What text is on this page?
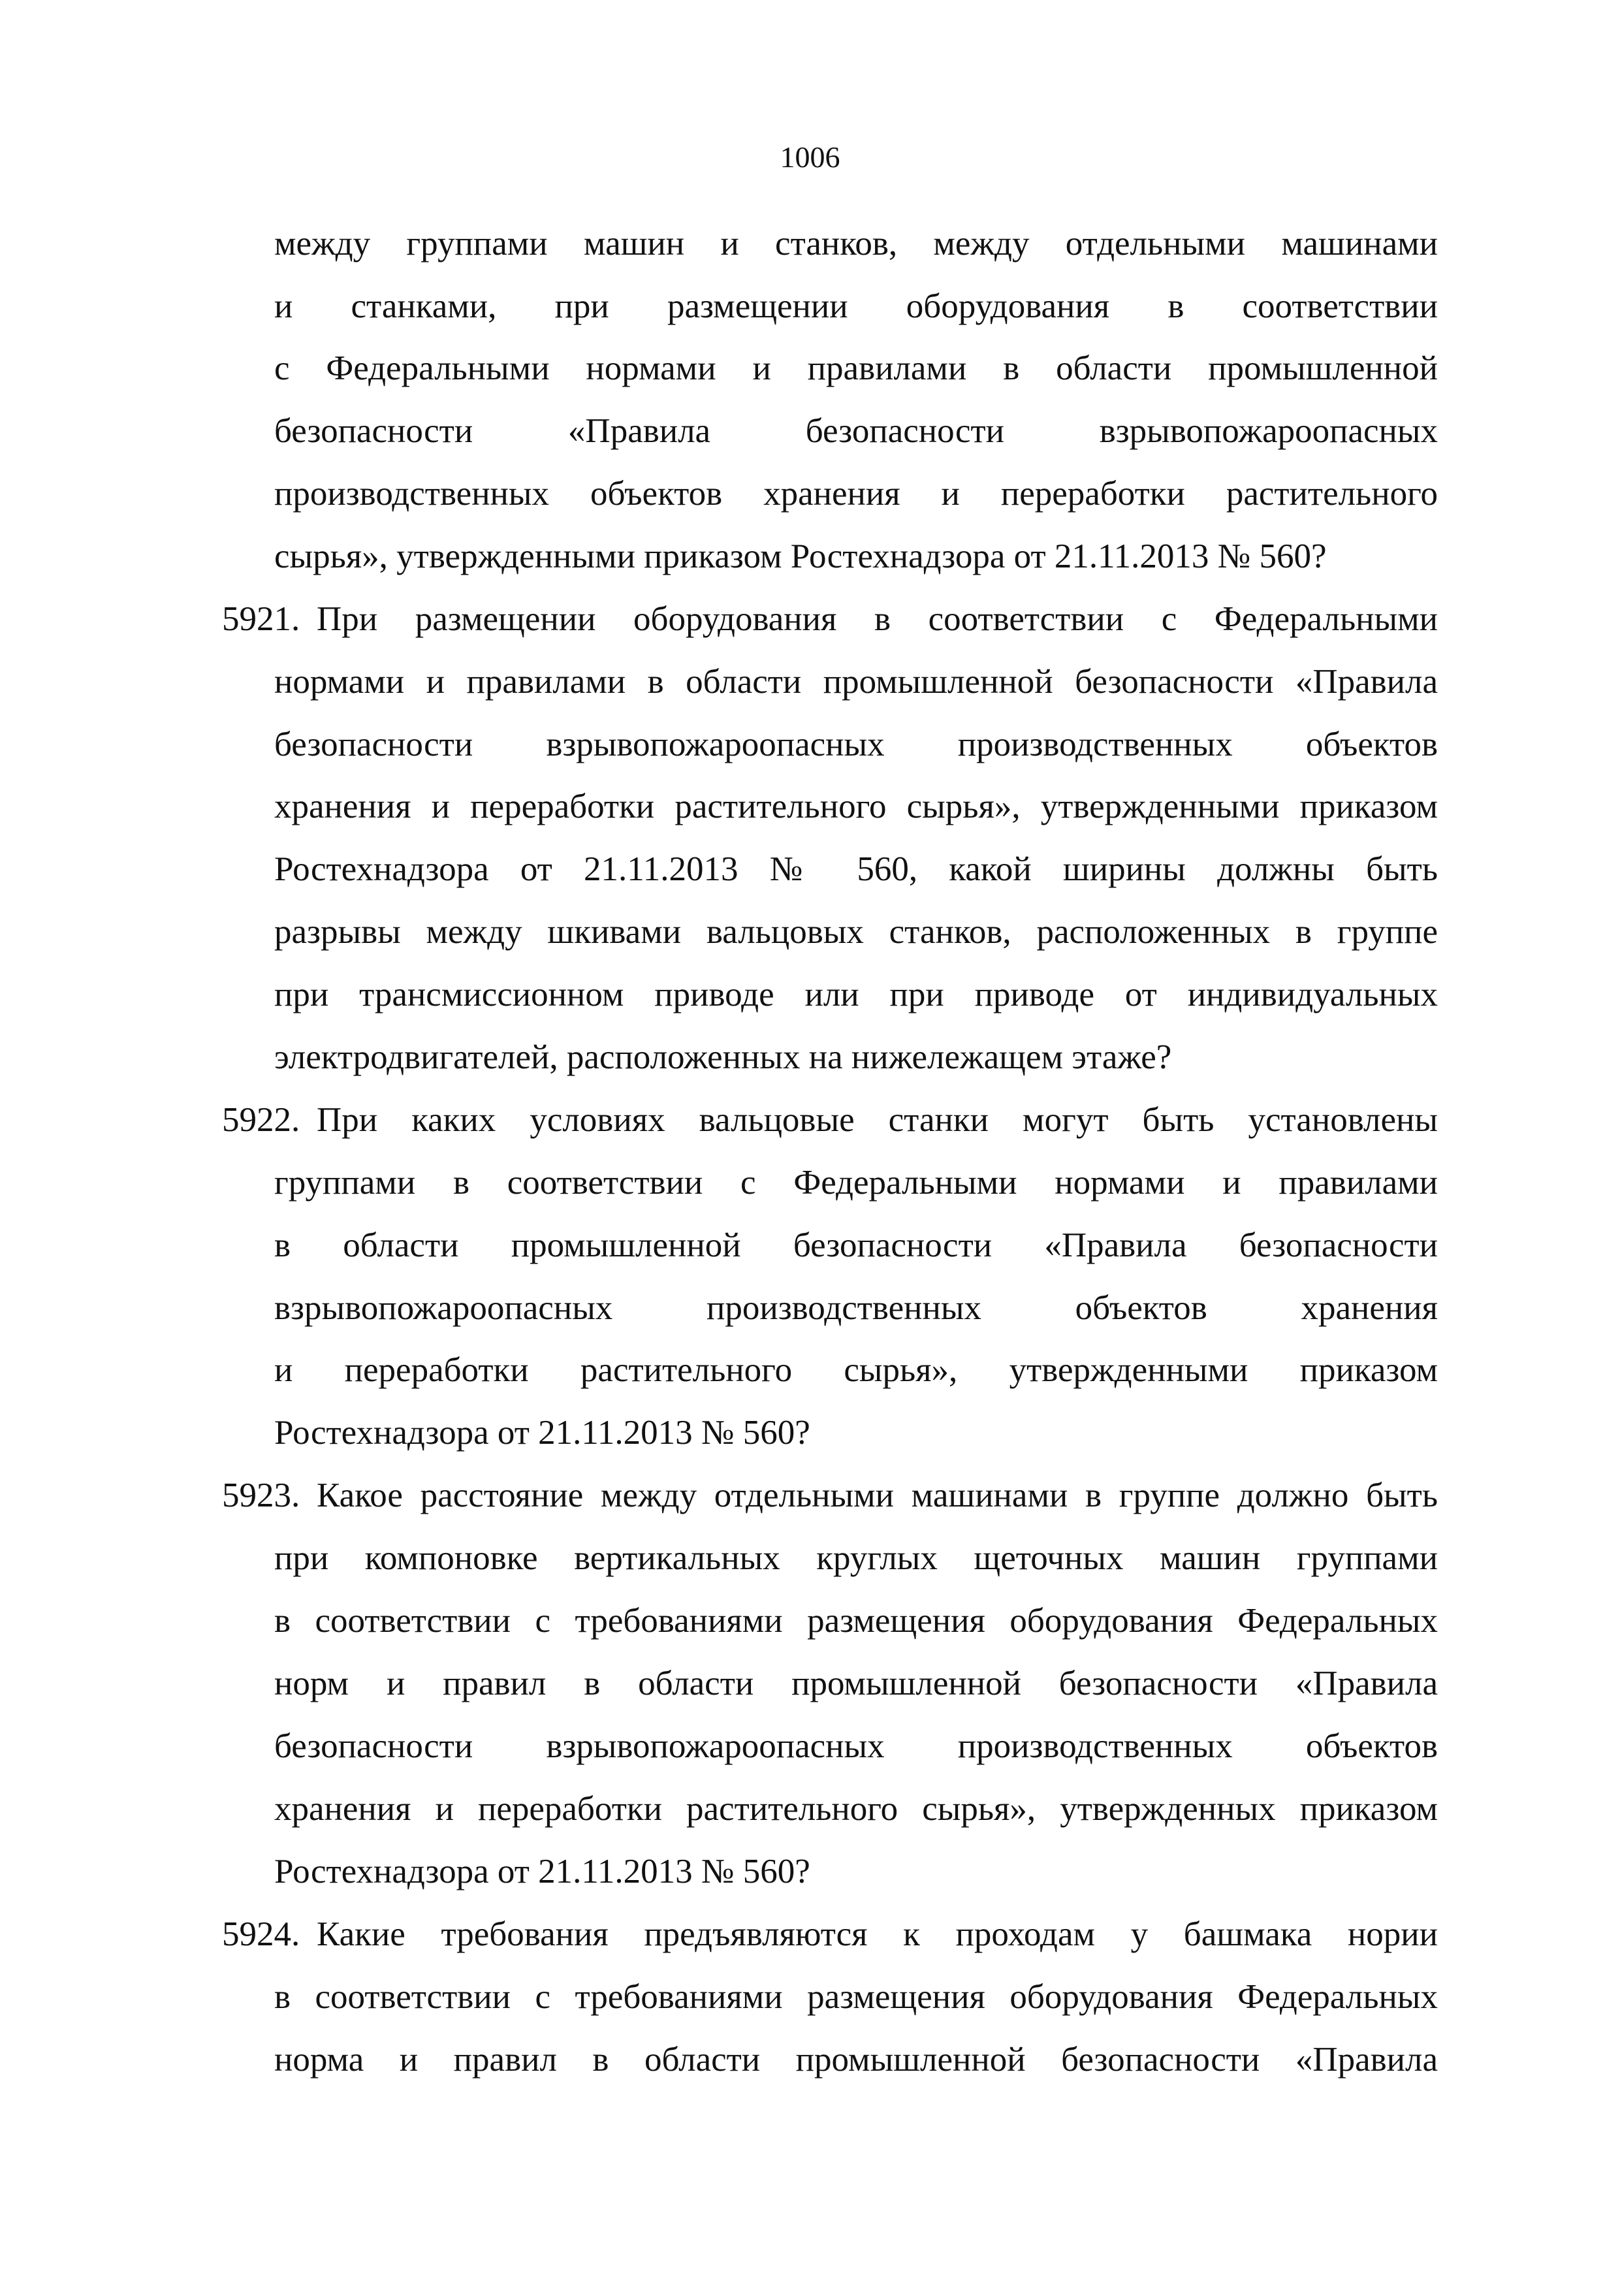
1006
между группами машин и станков, между отдельными машинами
и станками, при размещении оборудования в соответствии
с Федеральными нормами и правилами в области промышленной
безопасности «Правила безопасности взрывопожароопасных
производственных объектов хранения и переработки растительного
сырья», утвержденными приказом Ростехнадзора от 21.11.2013 № 560?
5921. При размещении оборудования в соответствии с Федеральными
нормами и правилами в области промышленной безопасности «Правила
безопасности взрывопожароопасных производственных объектов
хранения и переработки растительного сырья», утвержденными приказом
Ростехнадзора от 21.11.2013 № 560, какой ширины должны быть
разрывы между шкивами вальцовых станков, расположенных в группе
при трансмиссионном приводе или при приводе от индивидуальных
электродвигателей, расположенных на нижележащем этаже?
5922. При каких условиях вальцовые станки могут быть установлены
группами в соответствии с Федеральными нормами и правилами
в области промышленной безопасности «Правила безопасности
взрывопожароопасных производственных объектов хранения
и переработки растительного сырья», утвержденными приказом
Ростехнадзора от 21.11.2013 № 560?
5923. Какое расстояние между отдельными машинами в группе должно быть
при компоновке вертикальных круглых щеточных машин группами
в соответствии с требованиями размещения оборудования Федеральных
норм и правил в области промышленной безопасности «Правила
безопасности взрывопожароопасных производственных объектов
хранения и переработки растительного сырья», утвержденных приказом
Ростехнадзора от 21.11.2013 № 560?
5924. Какие требования предъявляются к проходам у башмака нории
в соответствии с требованиями размещения оборудования Федеральных
норма и правил в области промышленной безопасности «Правила
